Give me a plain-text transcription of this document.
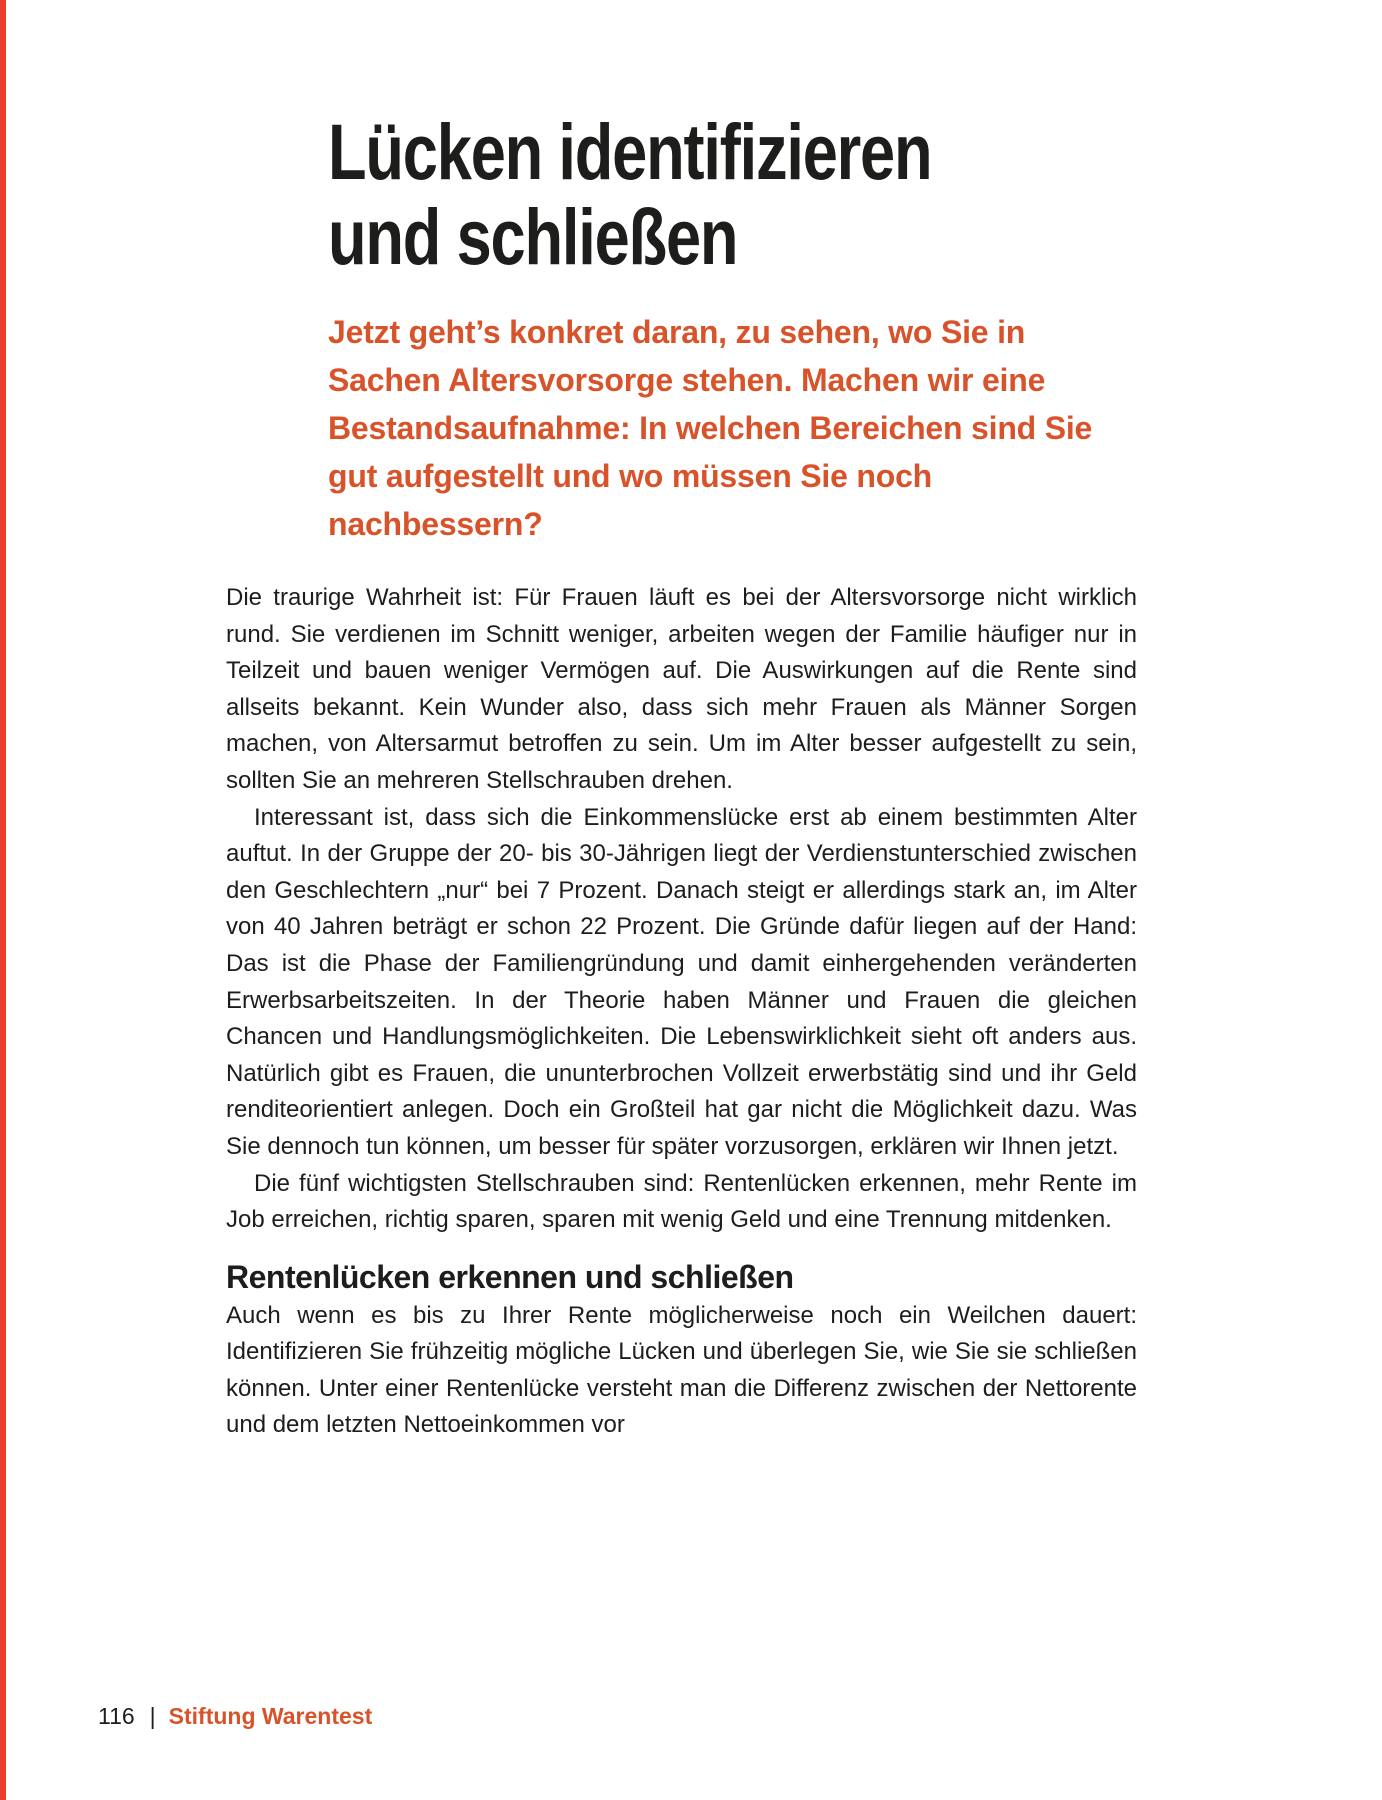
Lücken identifizieren
und schließen

Jetzt geht’s konkret daran, zu sehen, wo Sie in Sachen Altersvorsorge stehen. Machen wir eine Bestandsaufnahme: In welchen Bereichen sind Sie gut aufgestellt und wo müssen Sie noch nachbessern?

Die traurige Wahrheit ist: Für Frauen läuft es bei der Altersvorsorge nicht wirklich rund. Sie verdienen im Schnitt weniger, arbeiten wegen der Familie häufiger nur in Teilzeit und bauen weniger Vermögen auf. Die Auswirkungen auf die Rente sind allseits bekannt. Kein Wunder also, dass sich mehr Frauen als Männer Sorgen machen, von Altersarmut betroffen zu sein. Um im Alter besser aufgestellt zu sein, sollten Sie an mehreren Stellschrauben drehen.

Interessant ist, dass sich die Einkommenslücke erst ab einem bestimmten Alter auftut. In der Gruppe der 20- bis 30-Jährigen liegt der Verdienstunterschied zwischen den Geschlechtern „nur“ bei 7 Prozent. Danach steigt er allerdings stark an, im Alter von 40 Jahren beträgt er schon 22 Prozent. Die Gründe dafür liegen auf der Hand: Das ist die Phase der Familiengründung und damit einhergehenden veränderten Erwerbsarbeitszeiten. In der Theorie haben Männer und Frauen die gleichen Chancen und Handlungsmöglichkeiten. Die Lebenswirklichkeit sieht oft anders aus. Natürlich gibt es Frauen, die ununterbrochen Vollzeit erwerbstätig sind und ihr Geld renditeorientiert anlegen. Doch ein Großteil hat gar nicht die Möglichkeit dazu. Was Sie dennoch tun können, um besser für später vorzusorgen, erklären wir Ihnen jetzt.

Die fünf wichtigsten Stellschrauben sind: Rentenlücken erkennen, mehr Rente im Job erreichen, richtig sparen, sparen mit wenig Geld und eine Trennung mitdenken.

Rentenlücken erkennen und schließen

Auch wenn es bis zu Ihrer Rente möglicherweise noch ein Weilchen dauert: Identifizieren Sie frühzeitig mögliche Lücken und überlegen Sie, wie Sie sie schließen können. Unter einer Rentenlücke versteht man die Differenz zwischen der Nettorente und dem letzten Nettoeinkommen vor

116 | Stiftung Warentest
